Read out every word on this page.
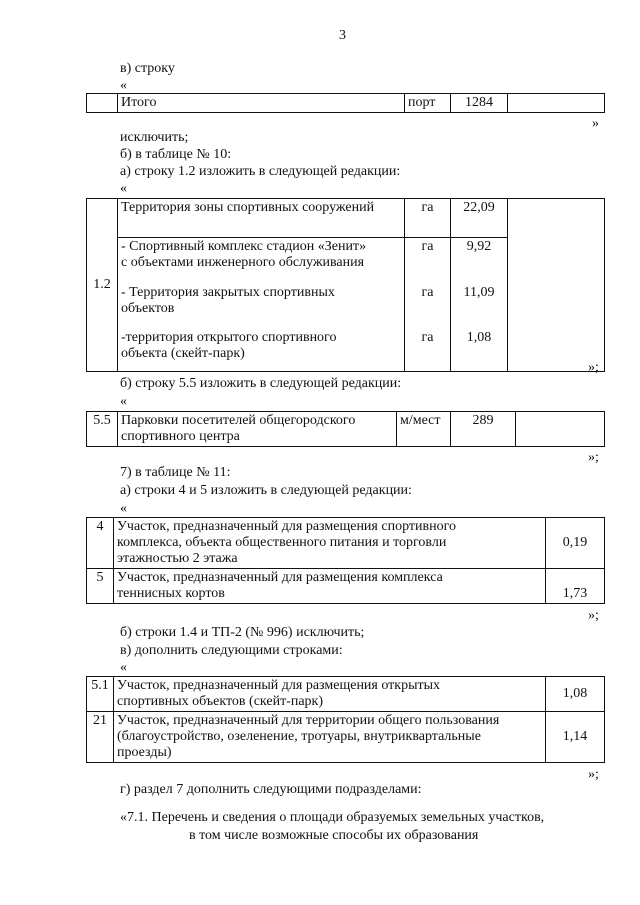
3
в) строку
«
	Итого	порт	1284	
»
исключить;
б) в таблице № 10:
а) строку 1.2 изложить в следующей редакции:
«
1.2	Территория зоны спортивных сооружений	га	22,09	
	- Спортивный комплекс стадион «Зенит»
с объектами инженерного обслуживания	га	9,92	
	- Территория закрытых спортивных
объектов	га	11,09	
	-территория открытого спортивного
объекта (скейт-парк)	га	1,08	
»;
б) строку 5.5 изложить в следующей редакции:
«
5.5	Парковки посетителей общегородского
спортивного центра	м/мест	289	
»;
7) в таблице № 11:
а) строки 4 и 5 изложить в следующей редакции:
«
4	Участок, предназначенный для размещения спортивного
комплекса, объекта общественного питания и торговли
этажностью 2 этажа	0,19
5	Участок, предназначенный для размещения комплекса
теннисных кортов	1,73
»;
б) строки 1.4 и ТП-2 (№ 996) исключить;
в) дополнить следующими строками:
«
5.1	Участок, предназначенный для размещения открытых
спортивных объектов (скейт-парк)	1,08
21	Участок, предназначенный для территории общего пользования
(благоустройство, озеленение, тротуары, внутриквартальные
проезды)	1,14
»;
г) раздел 7 дополнить следующими подразделами:
«7.1. Перечень и сведения о площади образуемых земельных участков,
в том числе возможные способы их образования
